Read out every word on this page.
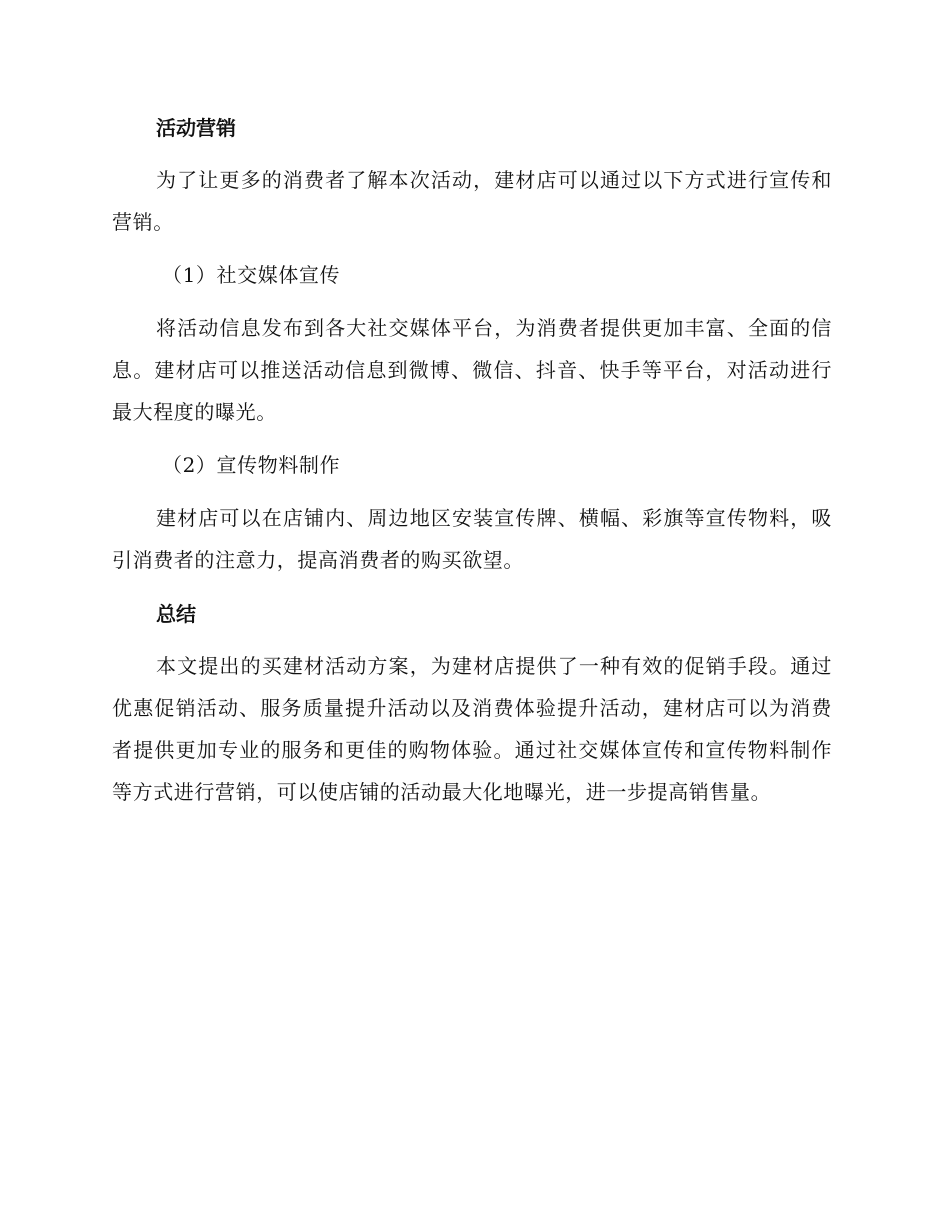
活动营销

为了让更多的消费者了解本次活动，建材店可以通过以下方式进行宣传和营销。

（1）社交媒体宣传

将活动信息发布到各大社交媒体平台，为消费者提供更加丰富、全面的信息。建材店可以推送活动信息到微博、微信、抖音、快手等平台，对活动进行最大程度的曝光。

（2）宣传物料制作

建材店可以在店铺内、周边地区安装宣传牌、横幅、彩旗等宣传物料，吸引消费者的注意力，提高消费者的购买欲望。

总结

本文提出的买建材活动方案，为建材店提供了一种有效的促销手段。通过优惠促销活动、服务质量提升活动以及消费体验提升活动，建材店可以为消费者提供更加专业的服务和更佳的购物体验。通过社交媒体宣传和宣传物料制作等方式进行营销，可以使店铺的活动最大化地曝光，进一步提高销售量。
